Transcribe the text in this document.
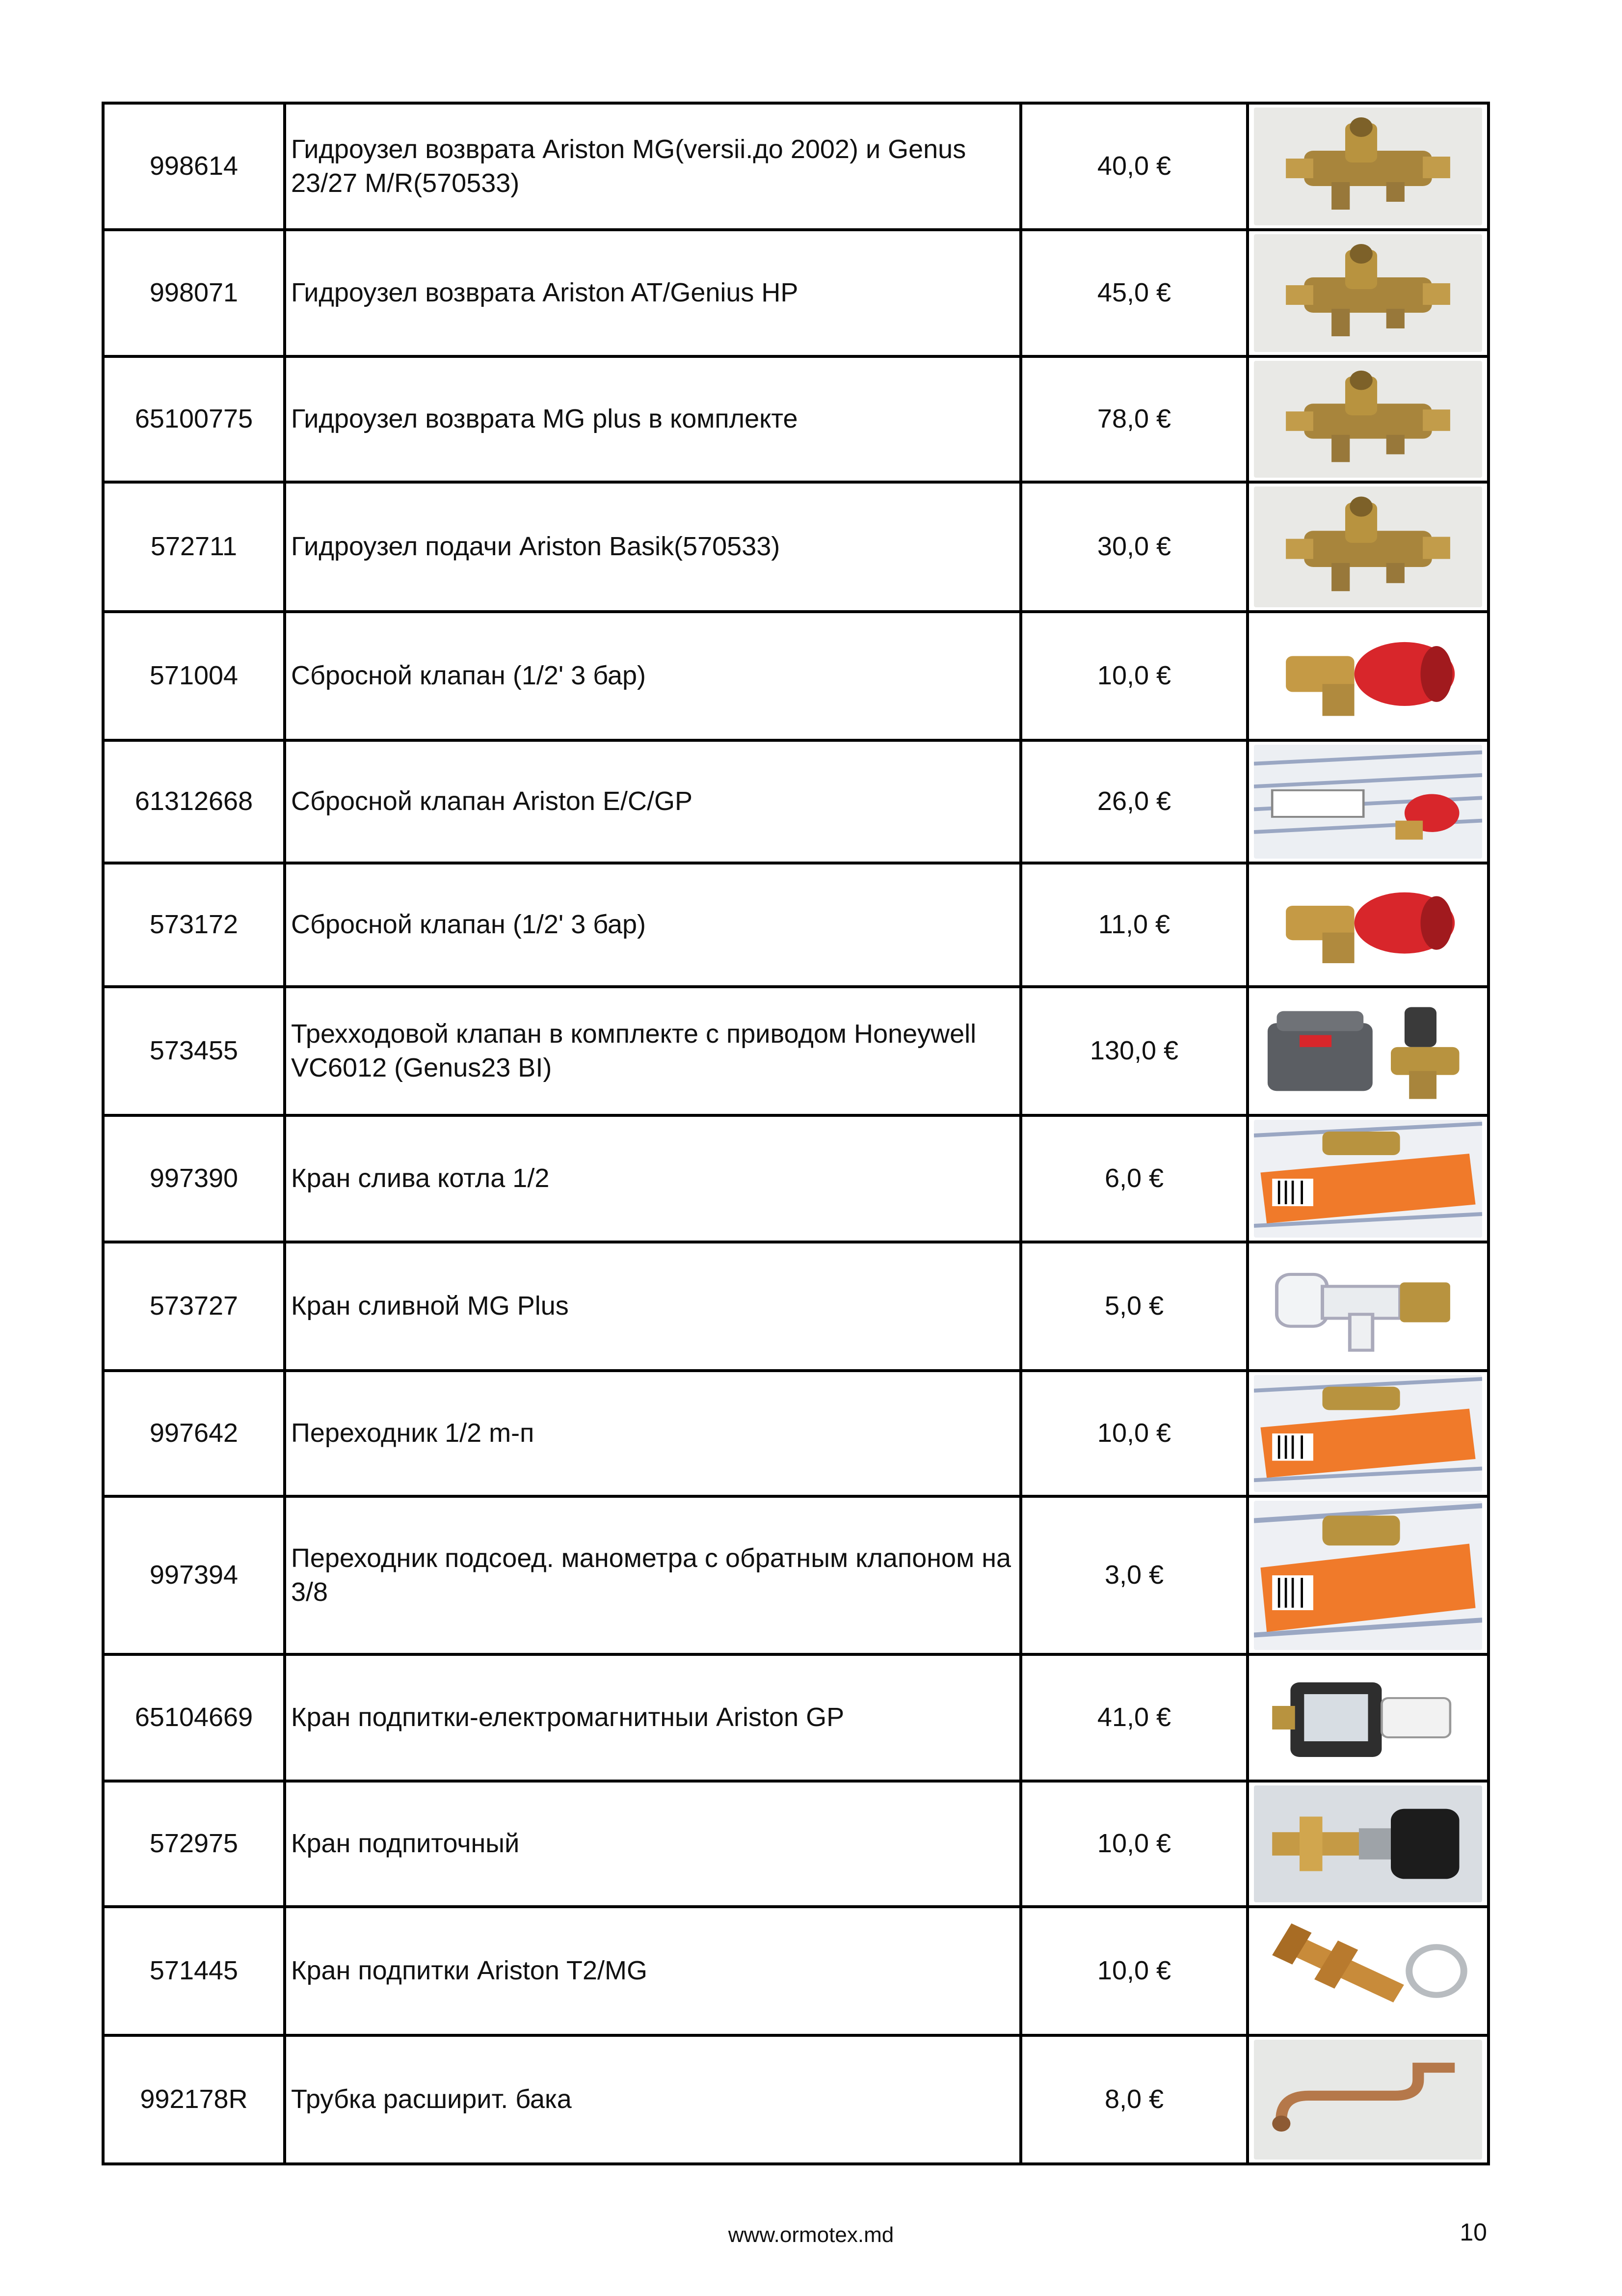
998614	Гидроузел возврата Ariston MG(versii.до 2002) и Genus 23/27 M/R(570533)	40,0 €	

998071	Гидроузел возврата Ariston AT/Genius HP	45,0 €	

65100775	Гидроузел возврата MG plus в комплекте	78,0 €	

572711	Гидроузел подачи Ariston Basik(570533)	30,0 €	

571004	Сбросной клапан (1/2' 3 бар)	10,0 €	

61312668	Сбросной клапан Ariston E/C/GP	26,0 €	

573172	Сбросной клапан (1/2' 3 бар)	11,0 €	

573455	Трехходовой клапан в комплекте с приводом Honeywell VC6012 (Genus23 BI)	130,0 €	

997390	Кран слива котла 1/2	6,0 €	

573727	Кран сливной MG Plus	5,0 €	

997642	Переходник 1/2 m-п	10,0 €	

997394	Переходник подсоед. манометра с обратным клапоном на 3/8	3,0 €	

65104669	Кран подпитки-електромагнитныи Ariston GP	41,0 €	

572975	Кран подпиточный	10,0 €	

571445	Кран подпитки Ariston T2/MG	10,0 €	

992178R	Трубка расширит. бака	8,0 €	
www.ormotex.md	10
